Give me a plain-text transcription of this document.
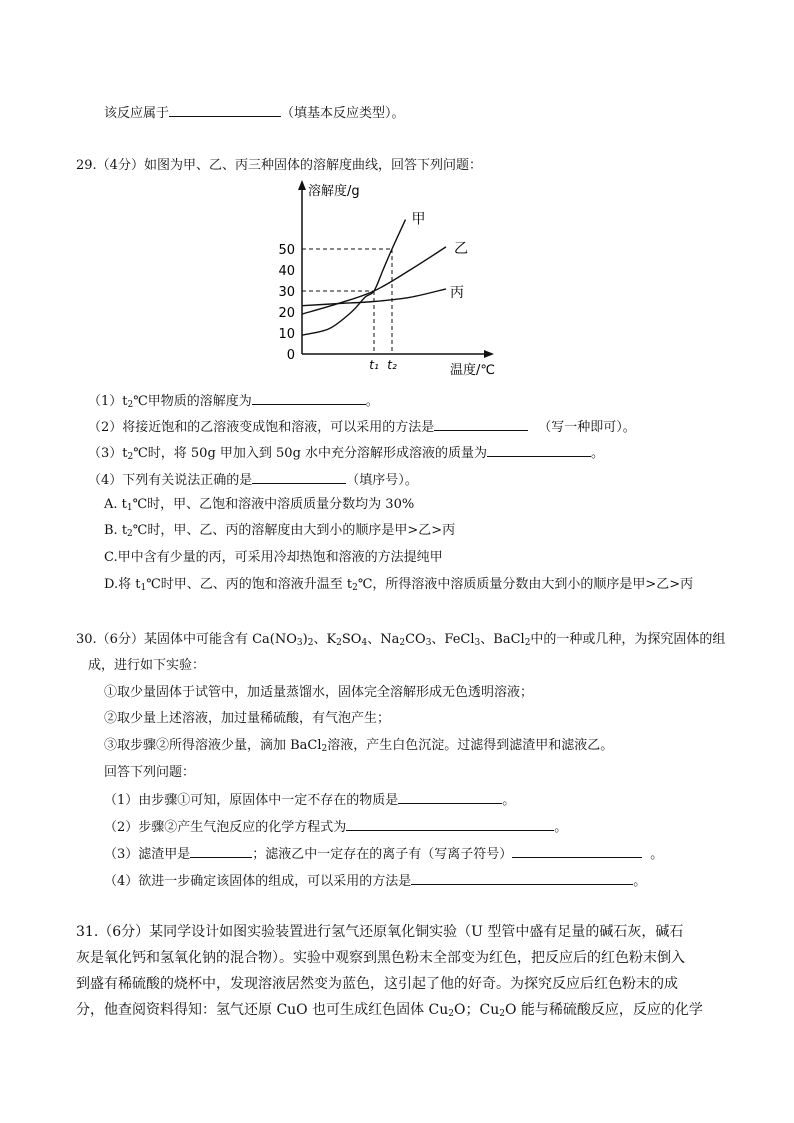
该反应属于	（填基本反应类型）。
29.（4分）如图为甲、乙、丙三种固体的溶解度曲线，回答下列问题：
溶解度/g
温度/℃
0
10
20
30
40
50
t₁ t₂
甲
乙
丙
$(1)t_2℃$甲物质的溶解度为	。
（2）将接近饱和的乙溶液变成饱和溶液，可以采用的方法是	（写一种即可）。
$(3)t_2℃$时，将 50g 甲加入到 50g 水中充分溶解形成溶液的质量为	。
（4）下列有关说法正确的是	（填序号）。
A. $t_1℃$时，甲、乙饱和溶液中溶质质量分数均为 30%
B. $t_2℃$时，甲、乙、丙的溶解度由大到小的顺序是甲>乙>丙
C.甲中含有少量的丙，可采用冷却热饱和溶液的方法提纯甲
D.将 $t_1℃$时甲、乙、丙的饱和溶液升温至 $t_2℃$，所得溶液中溶质质量分数由大到小的顺序是甲>乙>丙
30.（6分）某固体中可能含有 $Ca(NO_3)_2$、$K_2SO_4$、$Na_2CO_3$、FeCl$_3$、BaCl$_2$中的一种或几种，为探究固体的组
成，进行如下实验：
①取少量固体于试管中，加适量蒸馏水，固体完全溶解形成无色透明溶液；
②取少量上述溶液，加过量稀硫酸，有气泡产生；
③取步骤②所得溶液少量，滴加 BaCl$_2$溶液，产生白色沉淀。过滤得到滤渣甲和滤液乙。
回答下列问题：
（1）由步骤①可知，原固体中一定不存在的物质是	。
（2）步骤②产生气泡反应的化学方程式为	。
（3）滤渣甲是	；滤液乙中一定存在的离子有（写离子符号）	。
（4）欲进一步确定该固体的组成，可以采用的方法是	。
31.（6分）某同学设计如图实验装置进行氢气还原氧化铜实验（U 型管中盛有足量的碱石灰，碱石
灰是氧化钙和氢氧化钠的混合物）。实验中观察到黑色粉末全部变为红色，把反应后的红色粉末倒入
到盛有稀硫酸的烧杯中，发现溶液居然变为蓝色，这引起了他的好奇。为探究反应后红色粉末的成
分，他查阅资料得知：氢气还原 CuO 也可生成红色固体 $Cu_2O$；$Cu_2O$ 能与稀硫酸反应，反应的化学
